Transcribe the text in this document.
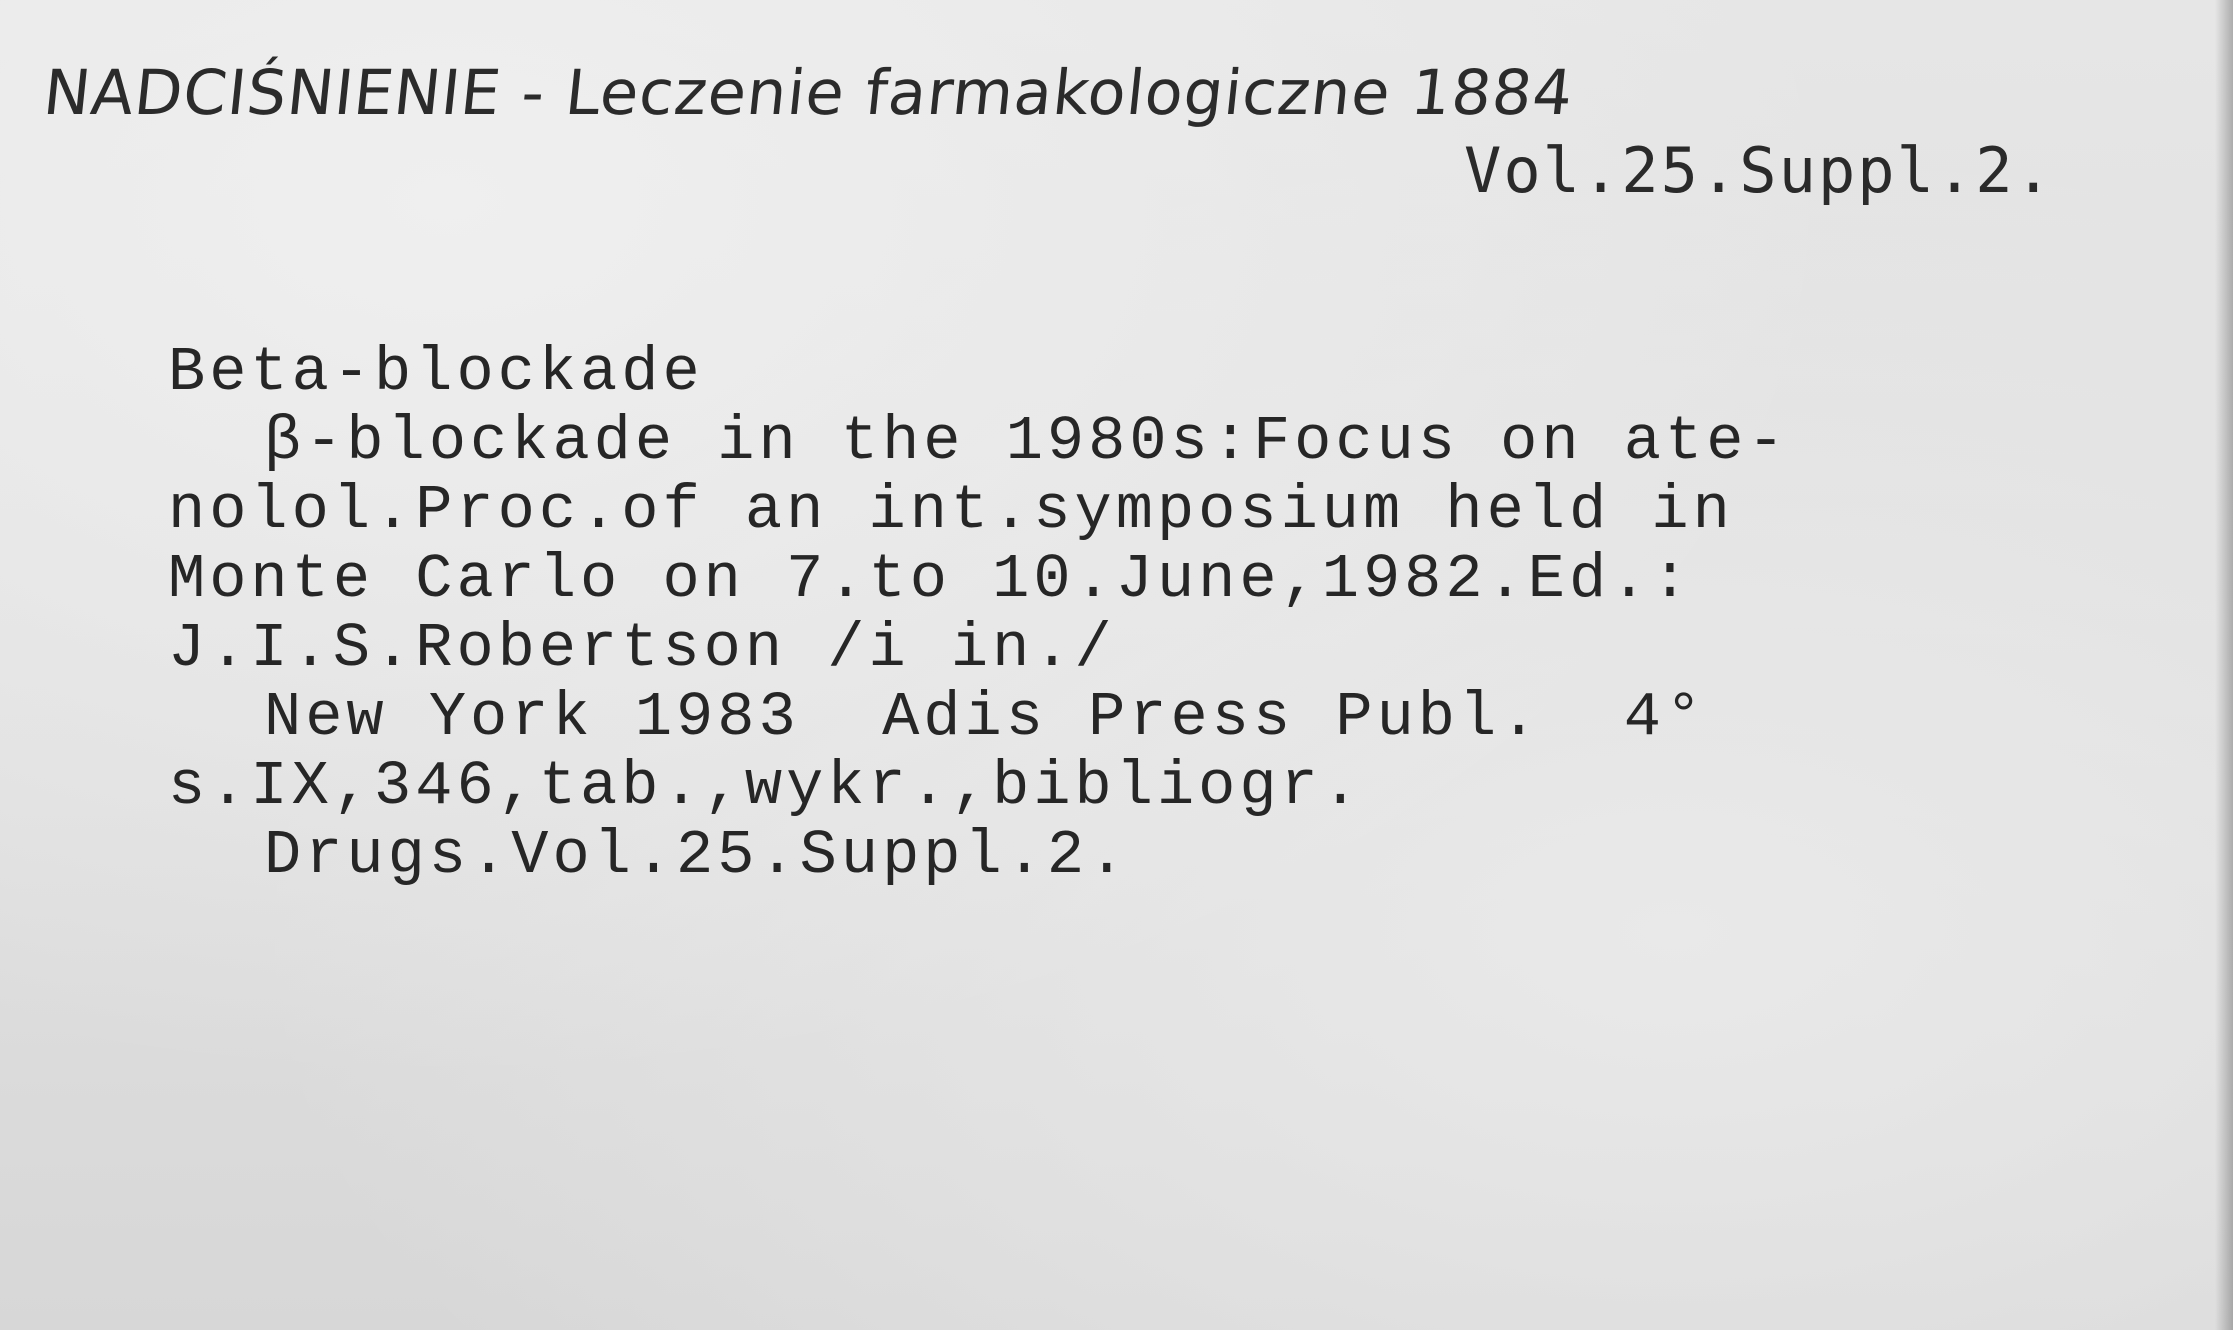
NADCIŚNIENIE - Leczenie farmakologiczne 1884
Vol.25.Suppl.2.
Beta-blockade
β-blockade in the 1980s:Focus on ate-
nolol.Proc.of an int.symposium held in
Monte Carlo on 7.to 10.June,1982.Ed.:
J.I.S.Robertson /i in./
New York 1983  Adis Press Publ.  4°
s.IX,346,tab.,wykr.,bibliogr.
Drugs.Vol.25.Suppl.2.
